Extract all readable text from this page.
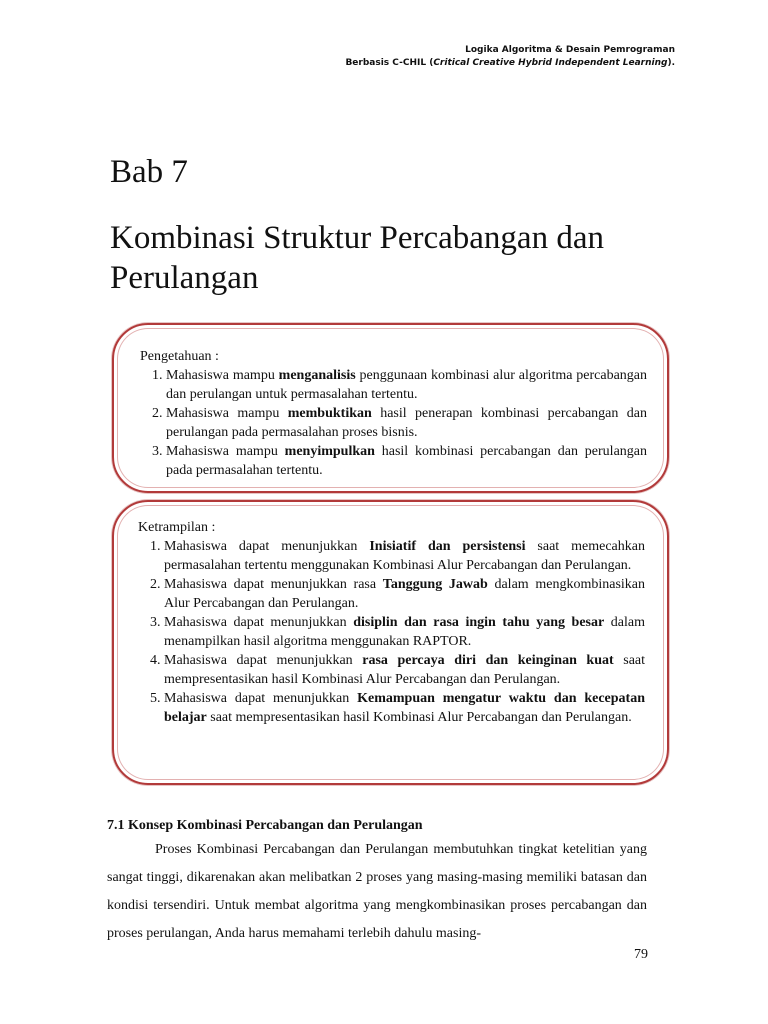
Logika Algoritma & Desain Pemrograman
Berbasis C-CHIL (Critical Creative Hybrid Independent Learning).
Bab 7
Kombinasi Struktur Percabangan dan Perulangan

Pengetahuan :

1. Mahasiswa mampu menganalisis penggunaan kombinasi alur algoritma percabangan dan perulangan untuk permasalahan tertentu.
2. Mahasiswa mampu membuktikan hasil penerapan kombinasi percabangan dan perulangan pada permasalahan proses bisnis.
3. Mahasiswa mampu menyimpulkan hasil kombinasi percabangan dan perulangan pada permasalahan tertentu.

Ketrampilan :

1. Mahasiswa dapat menunjukkan Inisiatif dan persistensi saat memecahkan permasalahan tertentu menggunakan Kombinasi Alur Percabangan dan Perulangan.
2. Mahasiswa dapat menunjukkan rasa Tanggung Jawab dalam mengkombinasikan Alur Percabangan dan Perulangan.
3. Mahasiswa dapat menunjukkan disiplin dan rasa ingin tahu yang besar dalam menampilkan hasil algoritma menggunakan RAPTOR.
4. Mahasiswa dapat menunjukkan rasa percaya diri dan keinginan kuat saat mempresentasikan hasil Kombinasi Alur Percabangan dan Perulangan.
5. Mahasiswa dapat menunjukkan Kemampuan mengatur waktu dan kecepatan belajar saat mempresentasikan hasil Kombinasi Alur Percabangan dan Perulangan.
7.1 Konsep Kombinasi Percabangan dan Perulangan

Proses Kombinasi Percabangan dan Perulangan membutuhkan tingkat ketelitian yang sangat tinggi, dikarenakan akan melibatkan 2 proses yang masing-masing memiliki batasan dan kondisi tersendiri. Untuk membat algoritma yang mengkombinasikan proses percabangan dan proses perulangan, Anda harus memahami terlebih dahulu masing-

79
